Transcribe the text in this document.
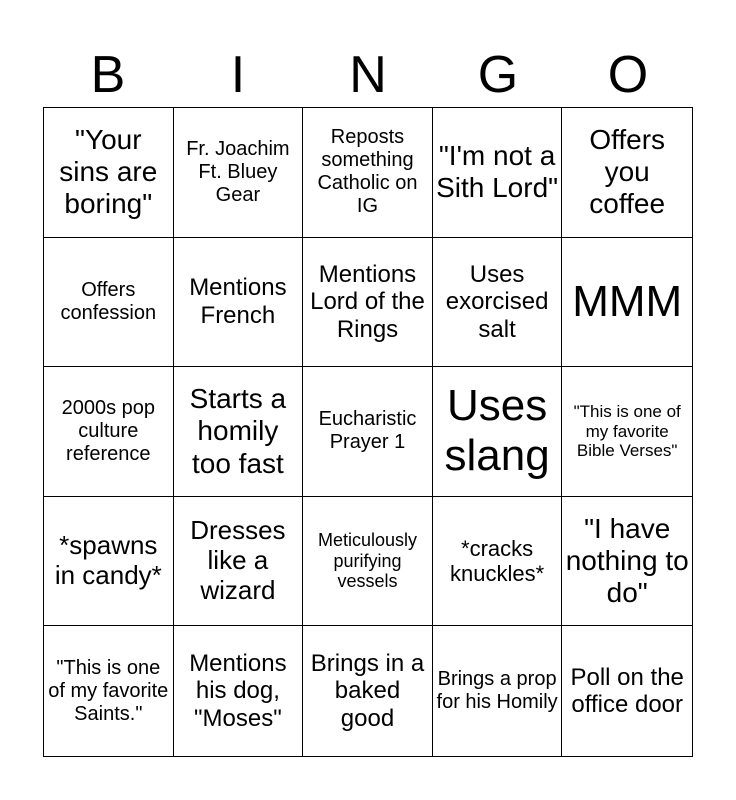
B	I	N	G	O
"Your sins are boring"
Fr. Joachim Ft. Bluey Gear
Reposts something Catholic on IG
"I'm not a Sith Lord"
Offers you coffee
Offers confession
Mentions French
Mentions Lord of the Rings
Uses exorcised salt
MMM
2000s pop culture reference
Starts a homily too fast
Eucharistic Prayer 1
Uses slang
"This is one of my favorite Bible Verses"
*spawns in candy*
Dresses like a wizard
Meticulously purifying vessels
*cracks knuckles*
"I have nothing to do"
"This is one of my favorite Saints."
Mentions his dog, "Moses"
Brings in a baked good
Brings a prop for his Homily
Poll on the office door
